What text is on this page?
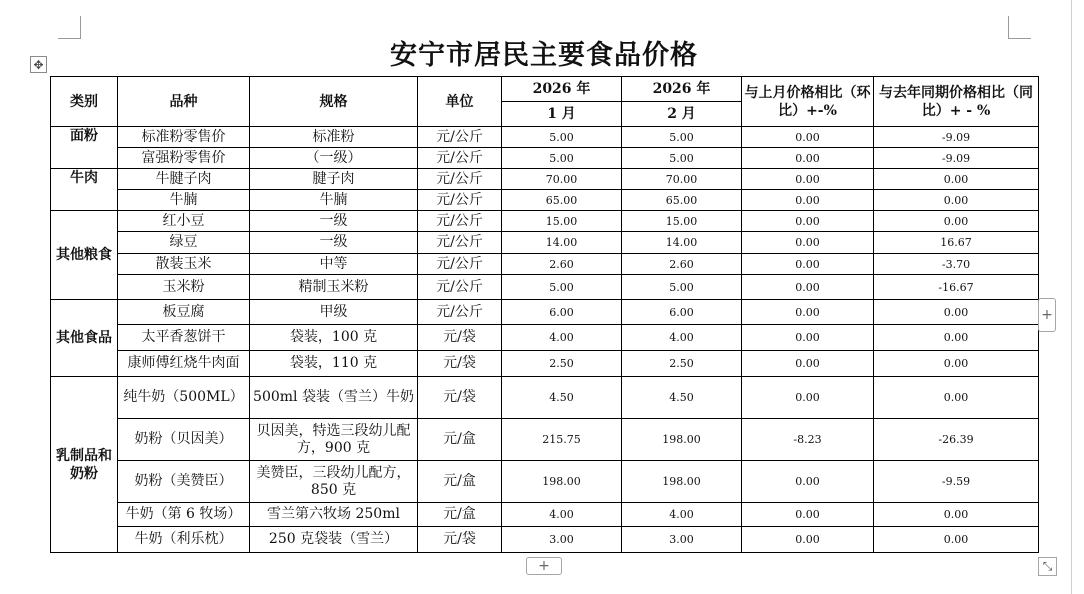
✥	安宁市居民主要食品价格
类别	品种	规格	单位	2026 年	2026 年	与上月价格相比（环比）+-%	与去年同期价格相比（同比）+ - %
				1 月	2 月		
面粉	标准粉零售价	标准粉	元/公斤	5.00	5.00	0.00	-9.09
	富强粉零售价	（一级）	元/公斤	5.00	5.00	0.00	-9.09
牛肉	牛腱子肉	腱子肉	元/公斤	70.00	70.00	0.00	0.00
	牛腩	牛腩	元/公斤	65.00	65.00	0.00	0.00
其他粮食	红小豆	一级	元/公斤	15.00	15.00	0.00	0.00
	绿豆	一级	元/公斤	14.00	14.00	0.00	16.67
	散装玉米	中等	元/公斤	2.60	2.60	0.00	-3.70
	玉米粉	精制玉米粉	元/公斤	5.00	5.00	0.00	-16.67
其他食品	板豆腐	甲级	元/公斤	6.00	6.00	0.00	0.00
	太平香葱饼干	袋装，100 克	元/袋	4.00	4.00	0.00	0.00
	康师傅红烧牛肉面	袋装，110 克	元/袋	2.50	2.50	0.00	0.00
乳制品和奶粉	纯牛奶（500ML）	500ml 袋装（雪兰）牛奶	元/袋	4.50	4.50	0.00	0.00
	奶粉（贝因美）	贝因美，特选三段幼儿配方，900 克	元/盒	215.75	198.00	-8.23	-26.39
	奶粉（美赞臣）	美赞臣，三段幼儿配方，850 克	元/盒	198.00	198.00	0.00	-9.59
	牛奶（第 6 牧场）	雪兰第六牧场 250ml	元/盒	4.00	4.00	0.00	0.00
	牛奶（利乐枕）	250 克袋装（雪兰）	元/袋	3.00	3.00	0.00	0.00
+
+	⤡
